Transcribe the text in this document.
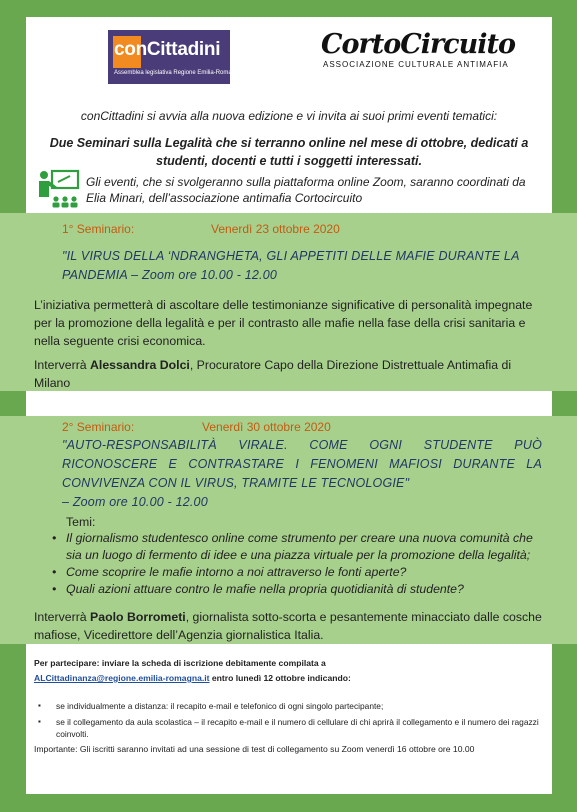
conCittadini
Assemblea legislativa Regione Emilia-Romagna
CortoCircuito
ASSOCIAZIONE CULTURALE ANTIMAFIA
conCittadini si avvia alla nuova edizione e vi invita ai suoi primi eventi tematici:
Due Seminari sulla Legalità che si terranno online nel mese di ottobre, dedicati a studenti, docenti e tutti i soggetti interessati.
Gli eventi, che si svolgeranno sulla piattaforma online Zoom, saranno coordinati da Elia Minari, dell’associazione antimafia Cortocircuito
1° Seminario:	Venerdì 23 ottobre 2020
"IL VIRUS DELLA ‘NDRANGHETA, GLI APPETITI DELLE MAFIE DURANTE LA PANDEMIA – Zoom ore 10.00 - 12.00
L’iniziativa permetterà di ascoltare delle testimonianze significative di personalità impegnate per la promozione della legalità e per il contrasto alle mafie nella fase della crisi sanitaria e nella seguente crisi economica.
Interverrà Alessandra Dolci, Procuratore Capo della Direzione Distrettuale Antimafia di Milano
2° Seminario:	Venerdì 30 ottobre 2020
"AUTO-RESPONSABILITÀ VIRALE. COME OGNI STUDENTE PUÒ RICONOSCERE E CONTRASTARE I FENOMENI MAFIOSI DURANTE LA CONVIVENZA CON IL VIRUS, TRAMITE LE TECNOLOGIE"
– Zoom ore 10.00 - 12.00
Temi:
• Il giornalismo studentesco online come strumento per creare una nuova comunità che sia un luogo di fermento di idee e una piazza virtuale per la promozione della legalità;
• Come scoprire le mafie intorno a noi attraverso le fonti aperte?
• Quali azioni attuare contro le mafie nella propria quotidianità di studente?
Interverrà Paolo Borrometi, giornalista sotto-scorta e pesantemente minacciato dalle cosche mafiose, Vicedirettore dell’Agenzia giornalistica Italia.
Per partecipare: inviare la scheda di iscrizione debitamente compilata a
ALCittadinanza@regione.emilia-romagna.it entro lunedì 12 ottobre indicando:
▪ se individualmente a distanza: il recapito e-mail e telefonico di ogni singolo partecipante;
▪ se il collegamento da aula scolastica – il recapito e-mail e il numero di cellulare di chi aprirà il collegamento e il numero dei ragazzi coinvolti.
Importante: Gli iscritti saranno invitati ad una sessione di test di collegamento su Zoom venerdì 16 ottobre ore 10.00
